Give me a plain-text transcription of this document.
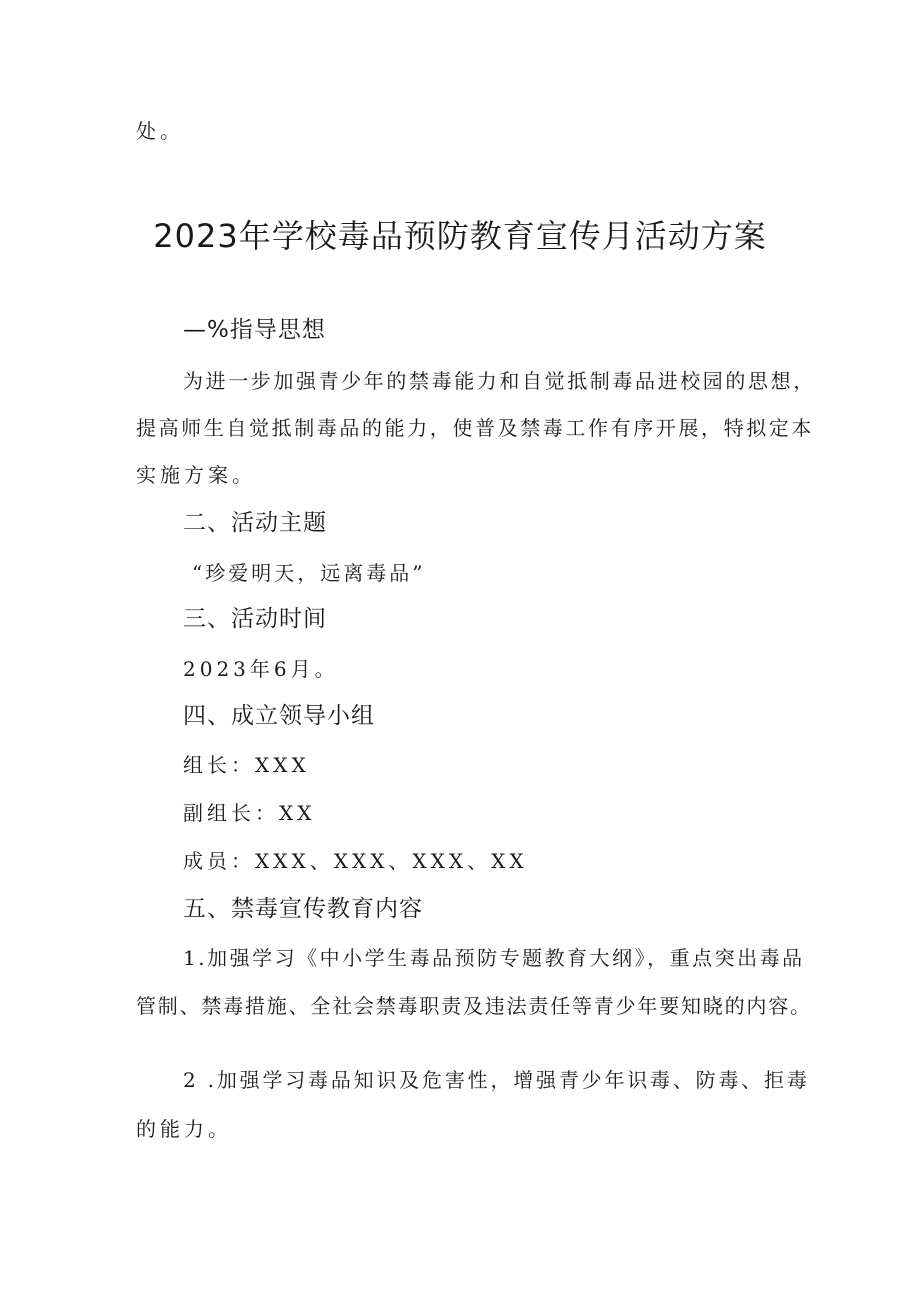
处。
2023年学校毒品预防教育宣传月活动方案
—%指导思想
为进一步加强青少年的禁毒能力和自觉抵制毒品进校园的思想，
提高师生自觉抵制毒品的能力，使普及禁毒工作有序开展，特拟定本
实施方案。
二、活动主题
“珍爱明天，远离毒品”
三、活动时间
2023年6月。
四、成立领导小组
组长：XXX
副组长：XX
成员：XXX、XXX、XXX、XX
五、禁毒宣传教育内容
1.加强学习《中小学生毒品预防专题教育大纲》，重点突出毒品
管制、禁毒措施、全社会禁毒职责及违法责任等青少年要知晓的内容。
2 .加强学习毒品知识及危害性，增强青少年识毒、防毒、拒毒
的能力。
